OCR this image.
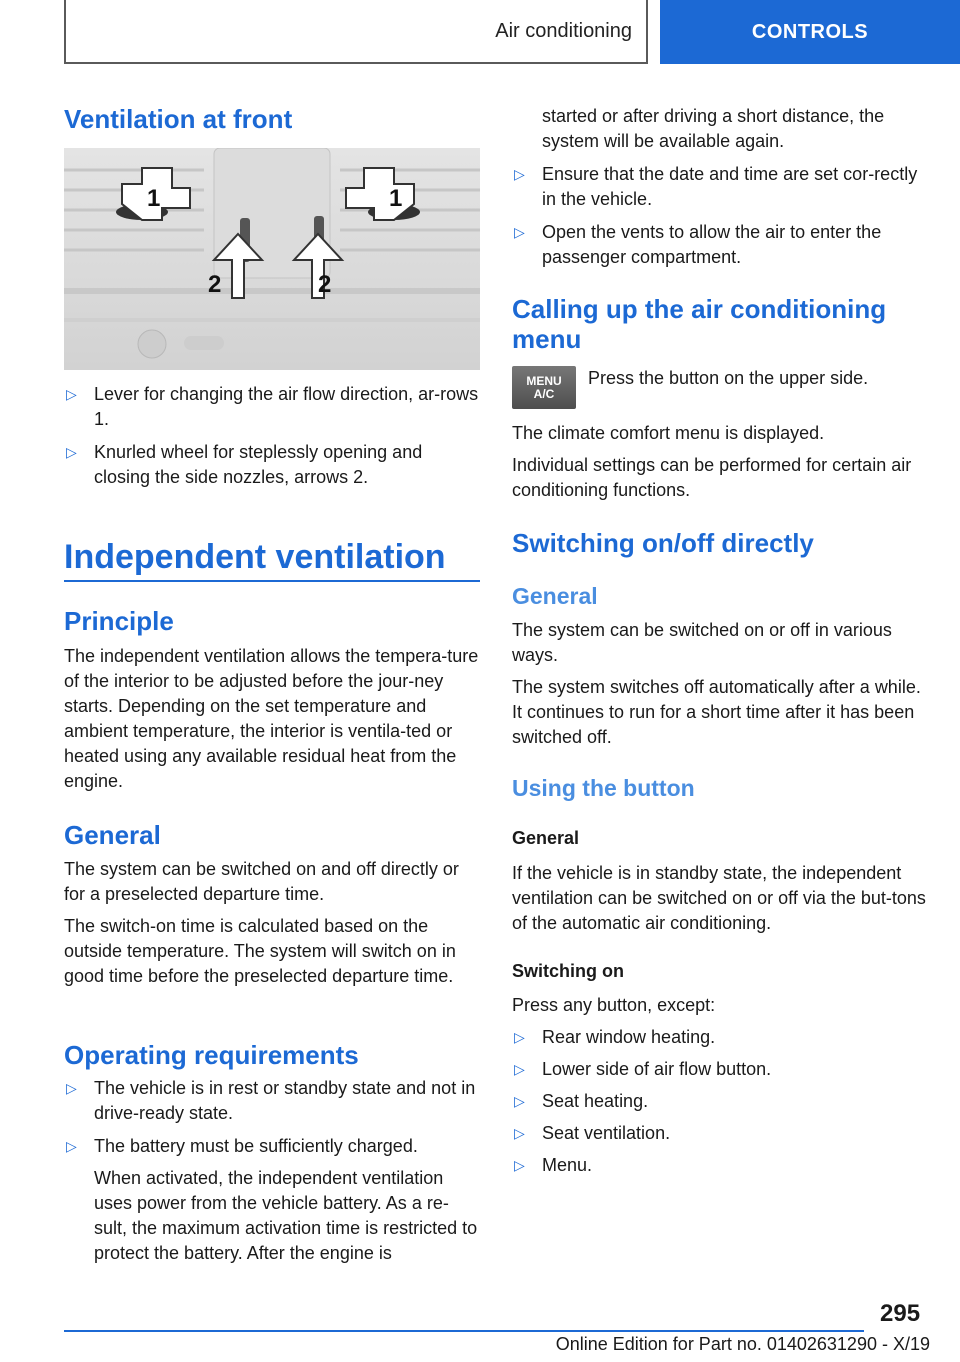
Air conditioning	CONTROLS
Ventilation at front
1	1
2	2
▷ Lever for changing the air flow direction, ar-rows 1.
▷ Knurled wheel for steplessly opening and closing the side nozzles, arrows 2.
Independent ventilation
Principle

The independent ventilation allows the tempera-ture of the interior to be adjusted before the jour-ney starts. Depending on the set temperature and ambient temperature, the interior is ventila-ted or heated using any available residual heat from the engine.

General

The system can be switched on and off directly or for a preselected departure time.

The switch-on time is calculated based on the outside temperature. The system will switch on in good time before the preselected departure time.

Operating requirements
▷ The vehicle is in rest or standby state and not in drive-ready state.
▷ The battery must be sufficiently charged.

When activated, the independent ventilation uses power from the vehicle battery. As a re-sult, the maximum activation time is restricted to protect the battery. After the engine is

started or after driving a short distance, the system will be available again.

▷ Ensure that the date and time are set cor-rectly in the vehicle.
▷ Open the vents to allow the air to enter the passenger compartment.
Calling up the air conditioning menu
MENU
A/C

Press the button on the upper side.

The climate comfort menu is displayed.

Individual settings can be performed for certain air conditioning functions.

Switching on/off directly
General

The system can be switched on or off in various ways.

The system switches off automatically after a while. It continues to run for a short time after it has been switched off.

Using the button
General

If the vehicle is in standby state, the independent ventilation can be switched on or off via the but-tons of the automatic air conditioning.

Switching on

Press any button, except:

▷ Rear window heating.
▷ Lower side of air flow button.
▷ Seat heating.
▷ Seat ventilation.
▷ Menu.
295
Online Edition for Part no. 01402631290 - X/19
